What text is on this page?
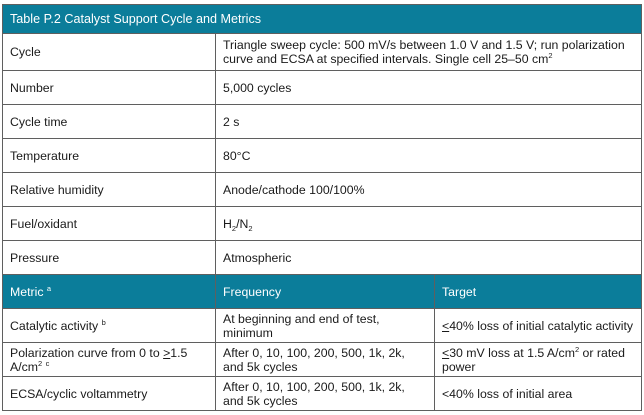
Table P.2 Catalyst Support Cycle and Metrics		
Cycle	Triangle sweep cycle: 500 mV/s between 1.0 V and 1.5 V; run polarization curve and ECSA at specified intervals. Single cell 25–50 $cm^2$
Number	5,000 cycles	
Cycle time	2 s	
Temperature	80°C	
Relative humidity	Anode/cathode 100/100%	
Fuel/oxidant	$H_2/N_2$
Pressure	Atmospheric	
Metric $^a$	Frequency	Target
Catalytic activity $^b$	At beginning and end of test, minimum	<40% loss of initial catalytic activity
Polarization curve from 0 to >1.5 $A/cm^2$ $^c$	After 0, 10, 100, 200, 500, 1k, 2k, and 5k cycles	<30 mV loss at 1.5 $A/cm^2$ or rated power
ECSA/cyclic voltammetry	After 0, 10, 100, 200, 500, 1k, 2k, and 5k cycles	<40% loss of initial area
